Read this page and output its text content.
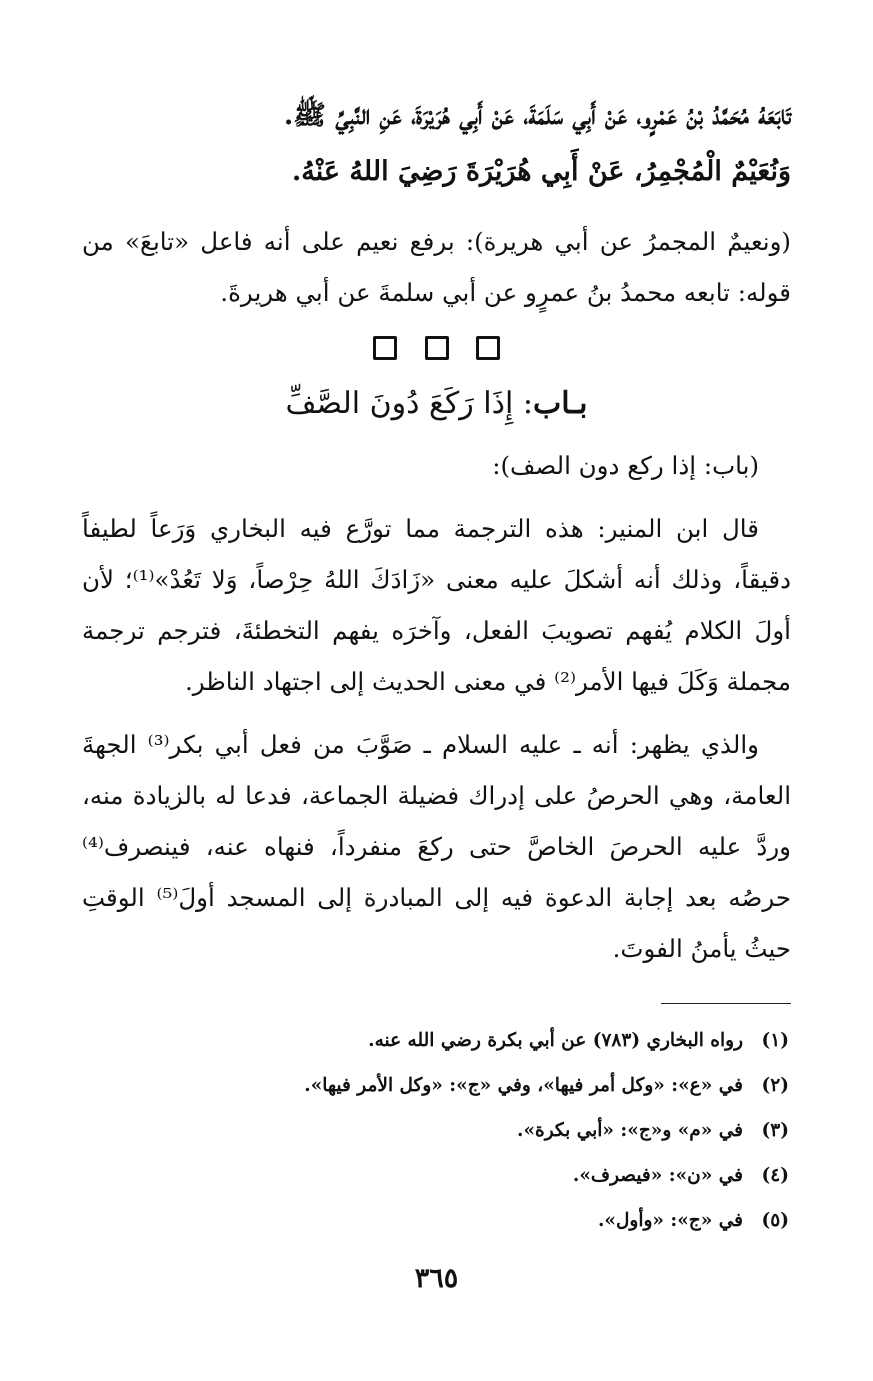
تَابَعَهُ مُحَمَّدُ بْنُ عَمْرٍو، عَنْ أَبِي سَلَمَةَ، عَنْ أَبِي هُرَيْرَةَ، عَنِ النَّبِيِّ ﷺ.
وَنُعَيْمٌ الْمُجْمِرُ، عَنْ أَبِي هُرَيْرَةَ رَضِيَ اللهُ عَنْهُ.

(ونعيمٌ المجمرُ عن أبي هريرة): برفع نعيم على أنه فاعل «تابعَ» من قوله: تابعه محمدُ بنُ عمرٍو عن أبي سلمةَ عن أبي هريرةَ.

بـاب: إِذَا رَكَعَ دُونَ الصَّفِّ

(باب: إذا ركع دون الصف):

قال ابن المنير: هذه الترجمة مما تورَّع فيه البخاري وَرَعاً لطيفاً دقيقاً، وذلك أنه أشكلَ عليه معنى «زَادَكَ اللهُ حِرْصاً، وَلا تَعُدْ»⁽¹⁾؛ لأن أولَ الكلام يُفهم تصويبَ الفعل، وآخرَه يفهم التخطئةَ، فترجم ترجمة مجملة وَكَلَ فيها الأمر⁽²⁾ في معنى الحديث إلى اجتهاد الناظر.

والذي يظهر: أنه ـ عليه السلام ـ صَوَّبَ من فعل أبي بكر⁽³⁾ الجهةَ العامة، وهي الحرصُ على إدراك فضيلة الجماعة، فدعا له بالزيادة منه، وردَّ عليه الحرصَ الخاصَّ حتى ركعَ منفرداً، فنهاه عنه، فينصرف⁽⁴⁾ حرصُه بعد إجابة الدعوة فيه إلى المبادرة إلى المسجد أولَ⁽⁵⁾ الوقتِ حيثُ يأمنُ الفوتَ.

(١)رواه البخاري (٧٨٣) عن أبي بكرة رضي الله عنه.

(٢)في «ع»: «وكل أمر فيها»، وفي «ج»: «وكل الأمر فيها».

(٣)في «م» و«ج»: «أبي بكرة».

(٤)في «ن»: «فيصرف».

(٥)في «ج»: «وأول».

٣٦٥
